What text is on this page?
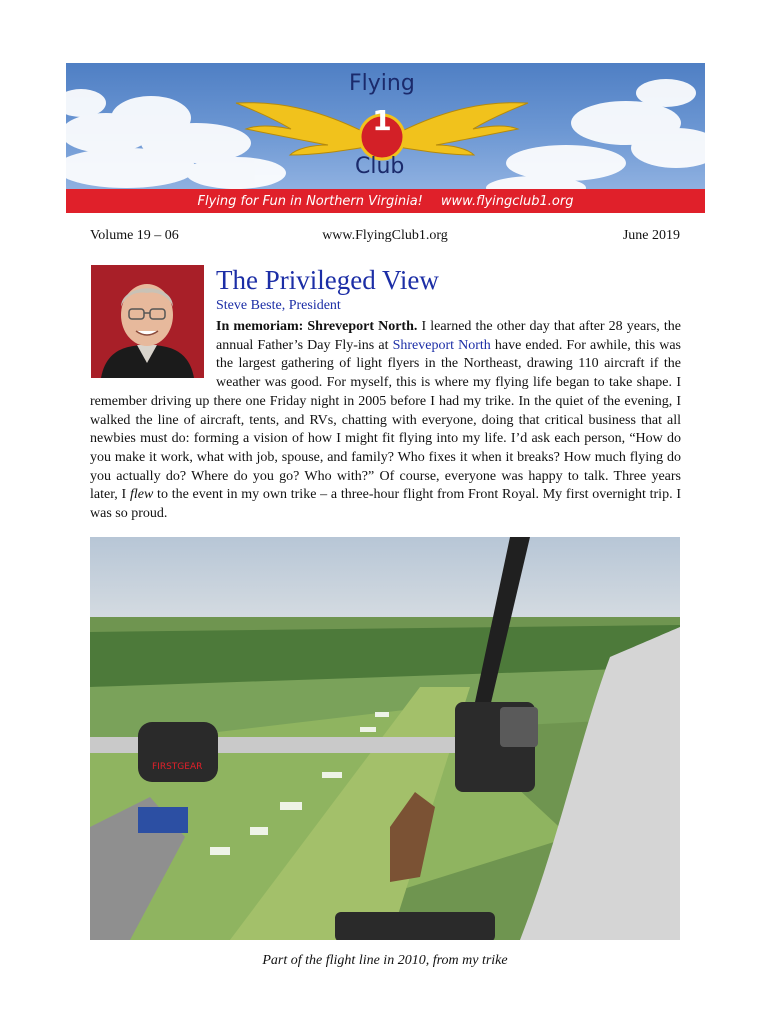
Flying
1
Club
Flying for Fun in Northern Virginia! www.flyingclub1.org
Volume 19 – 06	www.FlyingClub1.org	June 2019
The Privileged View
Steve Beste, President
In memoriam: Shreveport North. I learned the other day that after 28 years, the annual Father’s Day Fly-ins at Shreveport North have ended. For awhile, this was the largest gathering of light flyers in the Northeast, drawing 110 aircraft if the weather was good. For myself, this is where my flying life began to take shape. I remember driving up there one Friday night in 2005 before I had my trike. In the quiet of the evening, I walked the line of aircraft, tents, and RVs, chatting with everyone, doing that critical business that all newbies must do: forming a vision of how I might fit flying into my life. I’d ask each person, “How do you make it work, what with job, spouse, and family? Who fixes it when it breaks? How much flying do you actually do? Where do you go? Who with?” Of course, everyone was happy to talk. Three years later, I flew to the event in my own trike – a three-hour flight from Front Royal. My first overnight trip. I was so proud.
FIRSTGEAR
Part of the flight line in 2010, from my trike
